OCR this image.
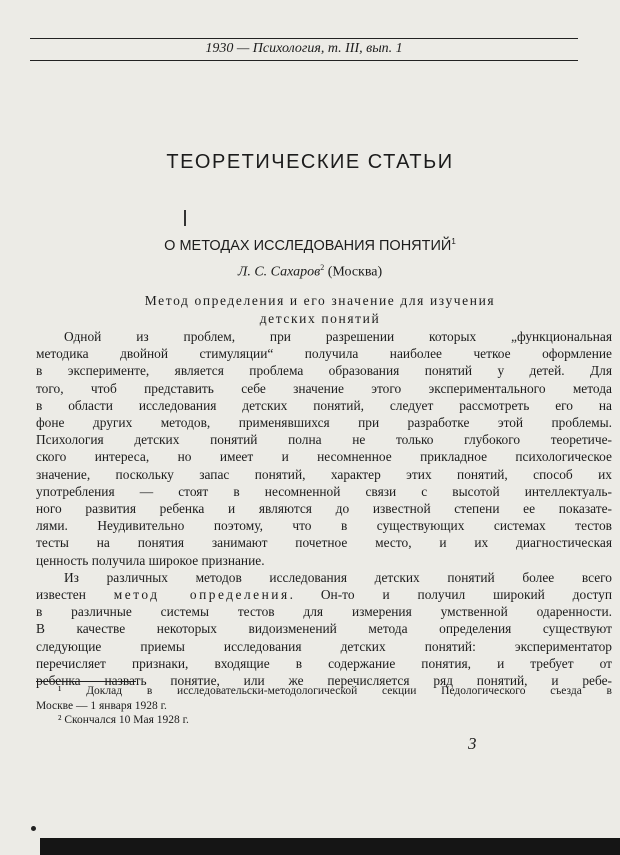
1930 — Психология, т. III, вып. 1
ТЕОРЕТИЧЕСКИЕ СТАТЬИ
О МЕТОДАХ ИССЛЕДОВАНИЯ ПОНЯТИЙ$^1$
Л. С. Сахаров$^2$ (Москва)
Метод определения и его значение для изучения
детских понятий

Одной из проблем, при разрешении которых „функциональная
методика двойной стимуляции“ получила наиболее четкое оформление
в эксперименте, является проблема образования понятий у детей. Для
того, чтоб представить себе значение этого экспериментального метода
в области исследования детских понятий, следует рассмотреть его на
фоне других методов, применявшихся при разработке этой проблемы.
Психология детских понятий полна не только глубокого теоретиче-
ского интереса, но имеет и несомненное прикладное психологическое
значение, поскольку запас понятий, характер этих понятий, способ их
употребления — стоят в несомненной связи с высотой интеллектуаль-
ного развития ребенка и являются до известной степени ее показате-
лями. Неудивительно поэтому, что в существующих системах тестов
тесты на понятия занимают почетное место, и их диагностическая
ценность получила широкое признание.

Из различных методов исследования детских понятий более всего
известен метод определения. Он-то и получил широкий доступ
в различные системы тестов для измерения умственной одаренности.
В качестве некоторых видоизменений метода определения существуют
следующие приемы исследования детских понятий: экспериментатор
перечисляет признаки, входящие в содержание понятия, и требует от
ребенка назвать понятие, или же перечисляется ряд понятий, и ребе-

¹ Доклад в исследовательски-методологической секции Педологического съезда в
Москве — 1 января 1928 г.
² Скончался 10 Мая 1928 г.
3
